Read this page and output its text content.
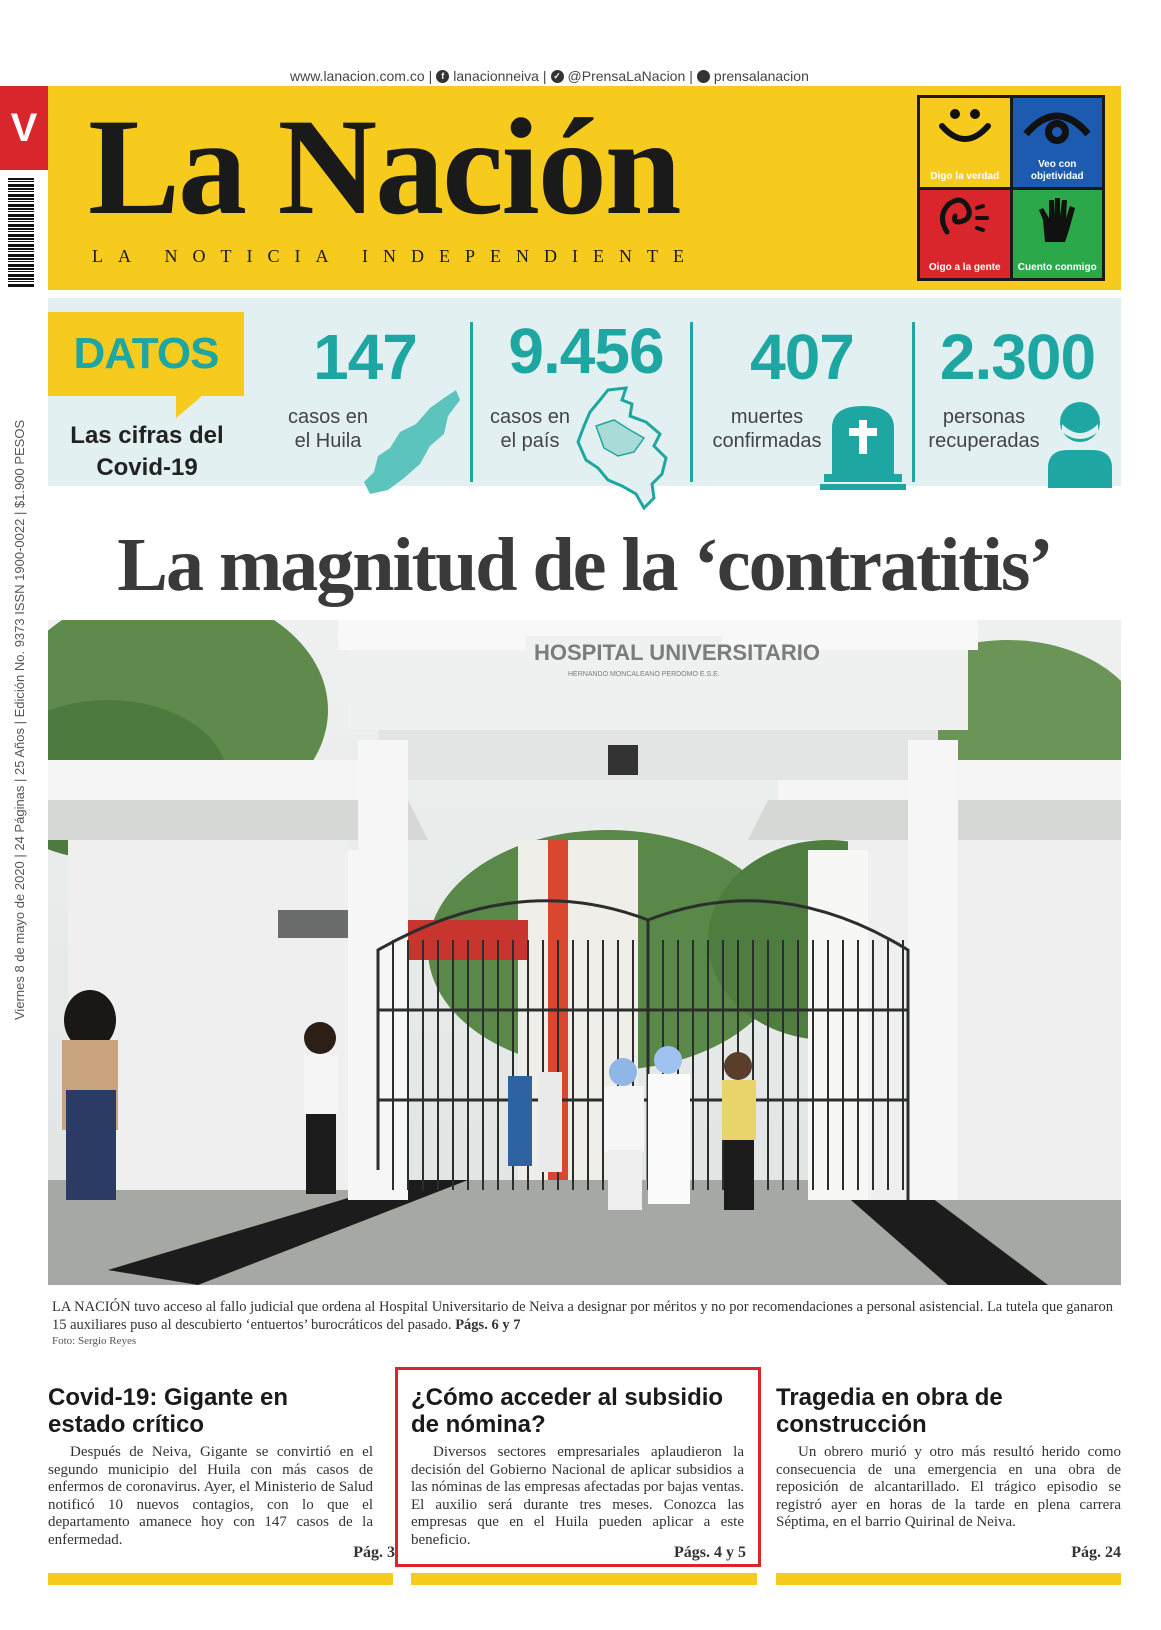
www.lanacion.com.co |	f lanacionneiva | ✓ @PrensaLaNacion | prensalanacion
V
Viernes 8 de mayo de 2020 | 24 Páginas | 25 Años | Edición No. 9373 ISSN 1900-0022 | $1.900 PESOS
La Nación
LA NOTICIA INDEPENDIENTE
Digo la verdad
Veo con objetividad
Oigo a la gente	Cuento conmigo
DATOS
Las cifras del Covid-19
147
casos en el Huila
9.456
casos en el país
407
muertes confirmadas
2.300
personas recuperadas
La magnitud de la ‘contratitis’
HOSPITAL UNIVERSITARIO
HERNANDO MONCALEANO PERDOMO E.S.E.
LA NACIÓN tuvo acceso al fallo judicial que ordena al Hospital Universitario de Neiva a designar por méritos y no por recomendaciones a personal asistencial. La tutela que ganaron 15 auxiliares puso al descubierto ‘entuertos’ burocráticos del pasado. Págs. 6 y 7
Foto: Sergio Reyes
Covid-19: Gigante en estado crítico
Después de Neiva, Gigante se convirtió en el segundo municipio del Huila con más casos de enfermos de coronavirus. Ayer, el Ministerio de Salud notificó 10 nuevos contagios, con lo que el departamento amanece hoy con 147 casos de la enfermedad.
Pág. 3
¿Cómo acceder al subsidio de nómina?
Diversos sectores empresariales aplaudieron la decisión del Gobierno Nacional de aplicar subsidios a las nóminas de las empresas afectadas por bajas ventas. El auxilio será durante tres meses. Conozca las empresas que en el Huila pueden aplicar a este beneficio.
Págs. 4 y 5
Tragedia en obra de construcción
Un obrero murió y otro más resultó herido como consecuencia de una emergencia en una obra de reposición de alcantarillado. El trágico episodio se registró ayer en horas de la tarde en plena carrera Séptima, en el barrio Quirinal de Neiva.
Pág. 24
